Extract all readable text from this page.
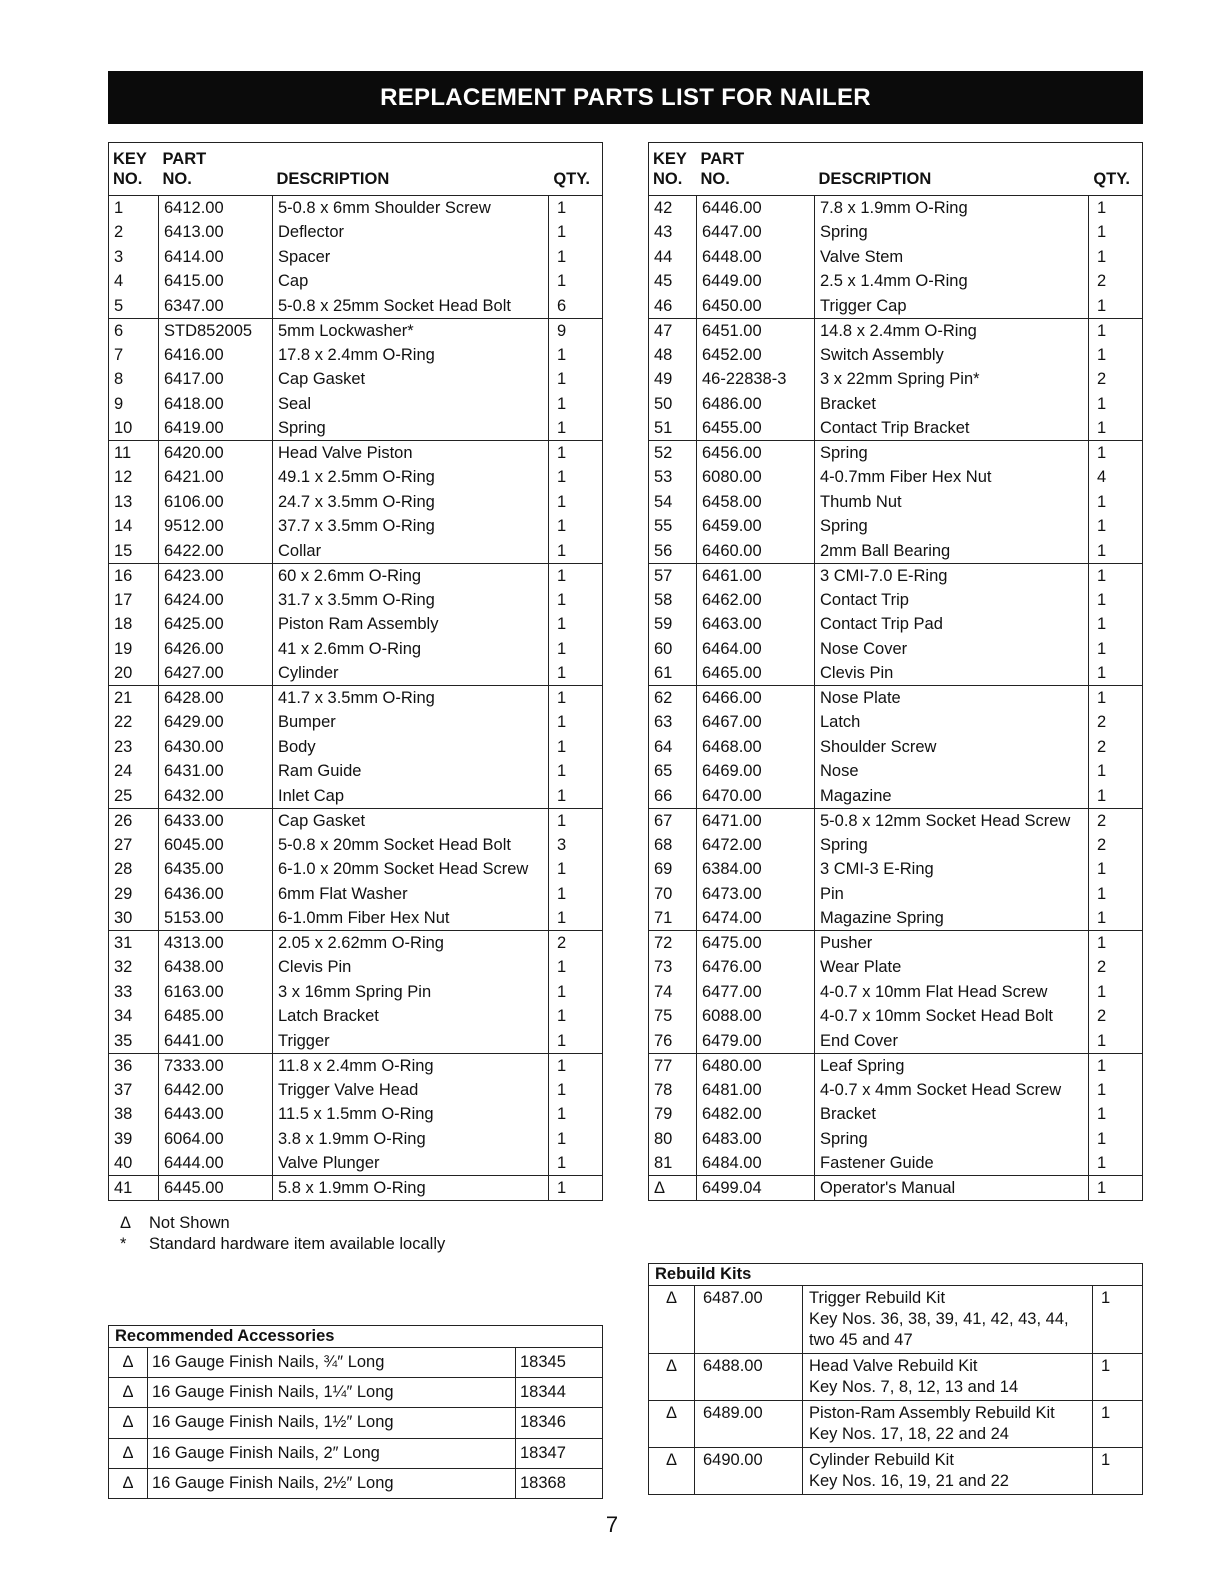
REPLACEMENT PARTS LIST FOR NAILER
KEY
NO.	PART
NO.	DESCRIPTION	QTY.
1	6412.00	5-0.8 x 6mm Shoulder Screw	1
2	6413.00	Deflector	1
3	6414.00	Spacer	1
4	6415.00	Cap	1
5	6347.00	5-0.8 x 25mm Socket Head Bolt	6
6	STD852005	5mm Lockwasher*	9
7	6416.00	17.8 x 2.4mm O-Ring	1
8	6417.00	Cap Gasket	1
9	6418.00	Seal	1
10	6419.00	Spring	1
11	6420.00	Head Valve Piston	1
12	6421.00	49.1 x 2.5mm O-Ring	1
13	6106.00	24.7 x 3.5mm O-Ring	1
14	9512.00	37.7 x 3.5mm O-Ring	1
15	6422.00	Collar	1
16	6423.00	60 x 2.6mm O-Ring	1
17	6424.00	31.7 x 3.5mm O-Ring	1
18	6425.00	Piston Ram Assembly	1
19	6426.00	41 x 2.6mm O-Ring	1
20	6427.00	Cylinder	1
21	6428.00	41.7 x 3.5mm O-Ring	1
22	6429.00	Bumper	1
23	6430.00	Body	1
24	6431.00	Ram Guide	1
25	6432.00	Inlet Cap	1
26	6433.00	Cap Gasket	1
27	6045.00	5-0.8 x 20mm Socket Head Bolt	3
28	6435.00	6-1.0 x 20mm Socket Head Screw	1
29	6436.00	6mm Flat Washer	1
30	5153.00	6-1.0mm Fiber Hex Nut	1
31	4313.00	2.05 x 2.62mm O-Ring	2
32	6438.00	Clevis Pin	1
33	6163.00	3 x 16mm Spring Pin	1
34	6485.00	Latch Bracket	1
35	6441.00	Trigger	1
36	7333.00	11.8 x 2.4mm O-Ring	1
37	6442.00	Trigger Valve Head	1
38	6443.00	11.5 x 1.5mm O-Ring	1
39	6064.00	3.8 x 1.9mm O-Ring	1
40	6444.00	Valve Plunger	1
41	6445.00	5.8 x 1.9mm O-Ring	1
KEY
NO.	PART
NO.	DESCRIPTION	QTY.
42	6446.00	7.8 x 1.9mm O-Ring	1
43	6447.00	Spring	1
44	6448.00	Valve Stem	1
45	6449.00	2.5 x 1.4mm O-Ring	2
46	6450.00	Trigger Cap	1
47	6451.00	14.8 x 2.4mm O-Ring	1
48	6452.00	Switch Assembly	1
49	46-22838-3	3 x 22mm Spring Pin*	2
50	6486.00	Bracket	1
51	6455.00	Contact Trip Bracket	1
52	6456.00	Spring	1
53	6080.00	4-0.7mm Fiber Hex Nut	4
54	6458.00	Thumb Nut	1
55	6459.00	Spring	1
56	6460.00	2mm Ball Bearing	1
57	6461.00	3 CMI-7.0 E-Ring	1
58	6462.00	Contact Trip	1
59	6463.00	Contact Trip Pad	1
60	6464.00	Nose Cover	1
61	6465.00	Clevis Pin	1
62	6466.00	Nose Plate	1
63	6467.00	Latch	2
64	6468.00	Shoulder Screw	2
65	6469.00	Nose	1
66	6470.00	Magazine	1
67	6471.00	5-0.8 x 12mm Socket Head Screw	2
68	6472.00	Spring	2
69	6384.00	3 CMI-3 E-Ring	1
70	6473.00	Pin	1
71	6474.00	Magazine Spring	1
72	6475.00	Pusher	1
73	6476.00	Wear Plate	2
74	6477.00	4-0.7 x 10mm Flat Head Screw	1
75	6088.00	4-0.7 x 10mm Socket Head Bolt	2
76	6479.00	End Cover	1
77	6480.00	Leaf Spring	1
78	6481.00	4-0.7 x 4mm Socket Head Screw	1
79	6482.00	Bracket	1
80	6483.00	Spring	1
81	6484.00	Fastener Guide	1
Δ	6499.04	Operator's Manual	1
Δ	Not Shown
*	Standard hardware item available locally
Recommended Accessories		
Δ	16 Gauge Finish Nails, ¾″ Long	18345
Δ	16 Gauge Finish Nails, 1¼″ Long	18344
Δ	16 Gauge Finish Nails, 1½″ Long	18346
Δ	16 Gauge Finish Nails, 2″ Long	18347
Δ	16 Gauge Finish Nails, 2½″ Long	18368
Rebuild Kits			
Δ	6487.00	Trigger Rebuild Kit
Key Nos. 36, 38, 39, 41, 42, 43, 44,
two 45 and 47	1
Δ	6488.00	Head Valve Rebuild Kit
Key Nos. 7, 8, 12, 13 and 14	1
Δ	6489.00	Piston-Ram Assembly Rebuild Kit
Key Nos. 17, 18, 22 and 24	1
Δ	6490.00	Cylinder Rebuild Kit
Key Nos. 16, 19, 21 and 22	1
7
